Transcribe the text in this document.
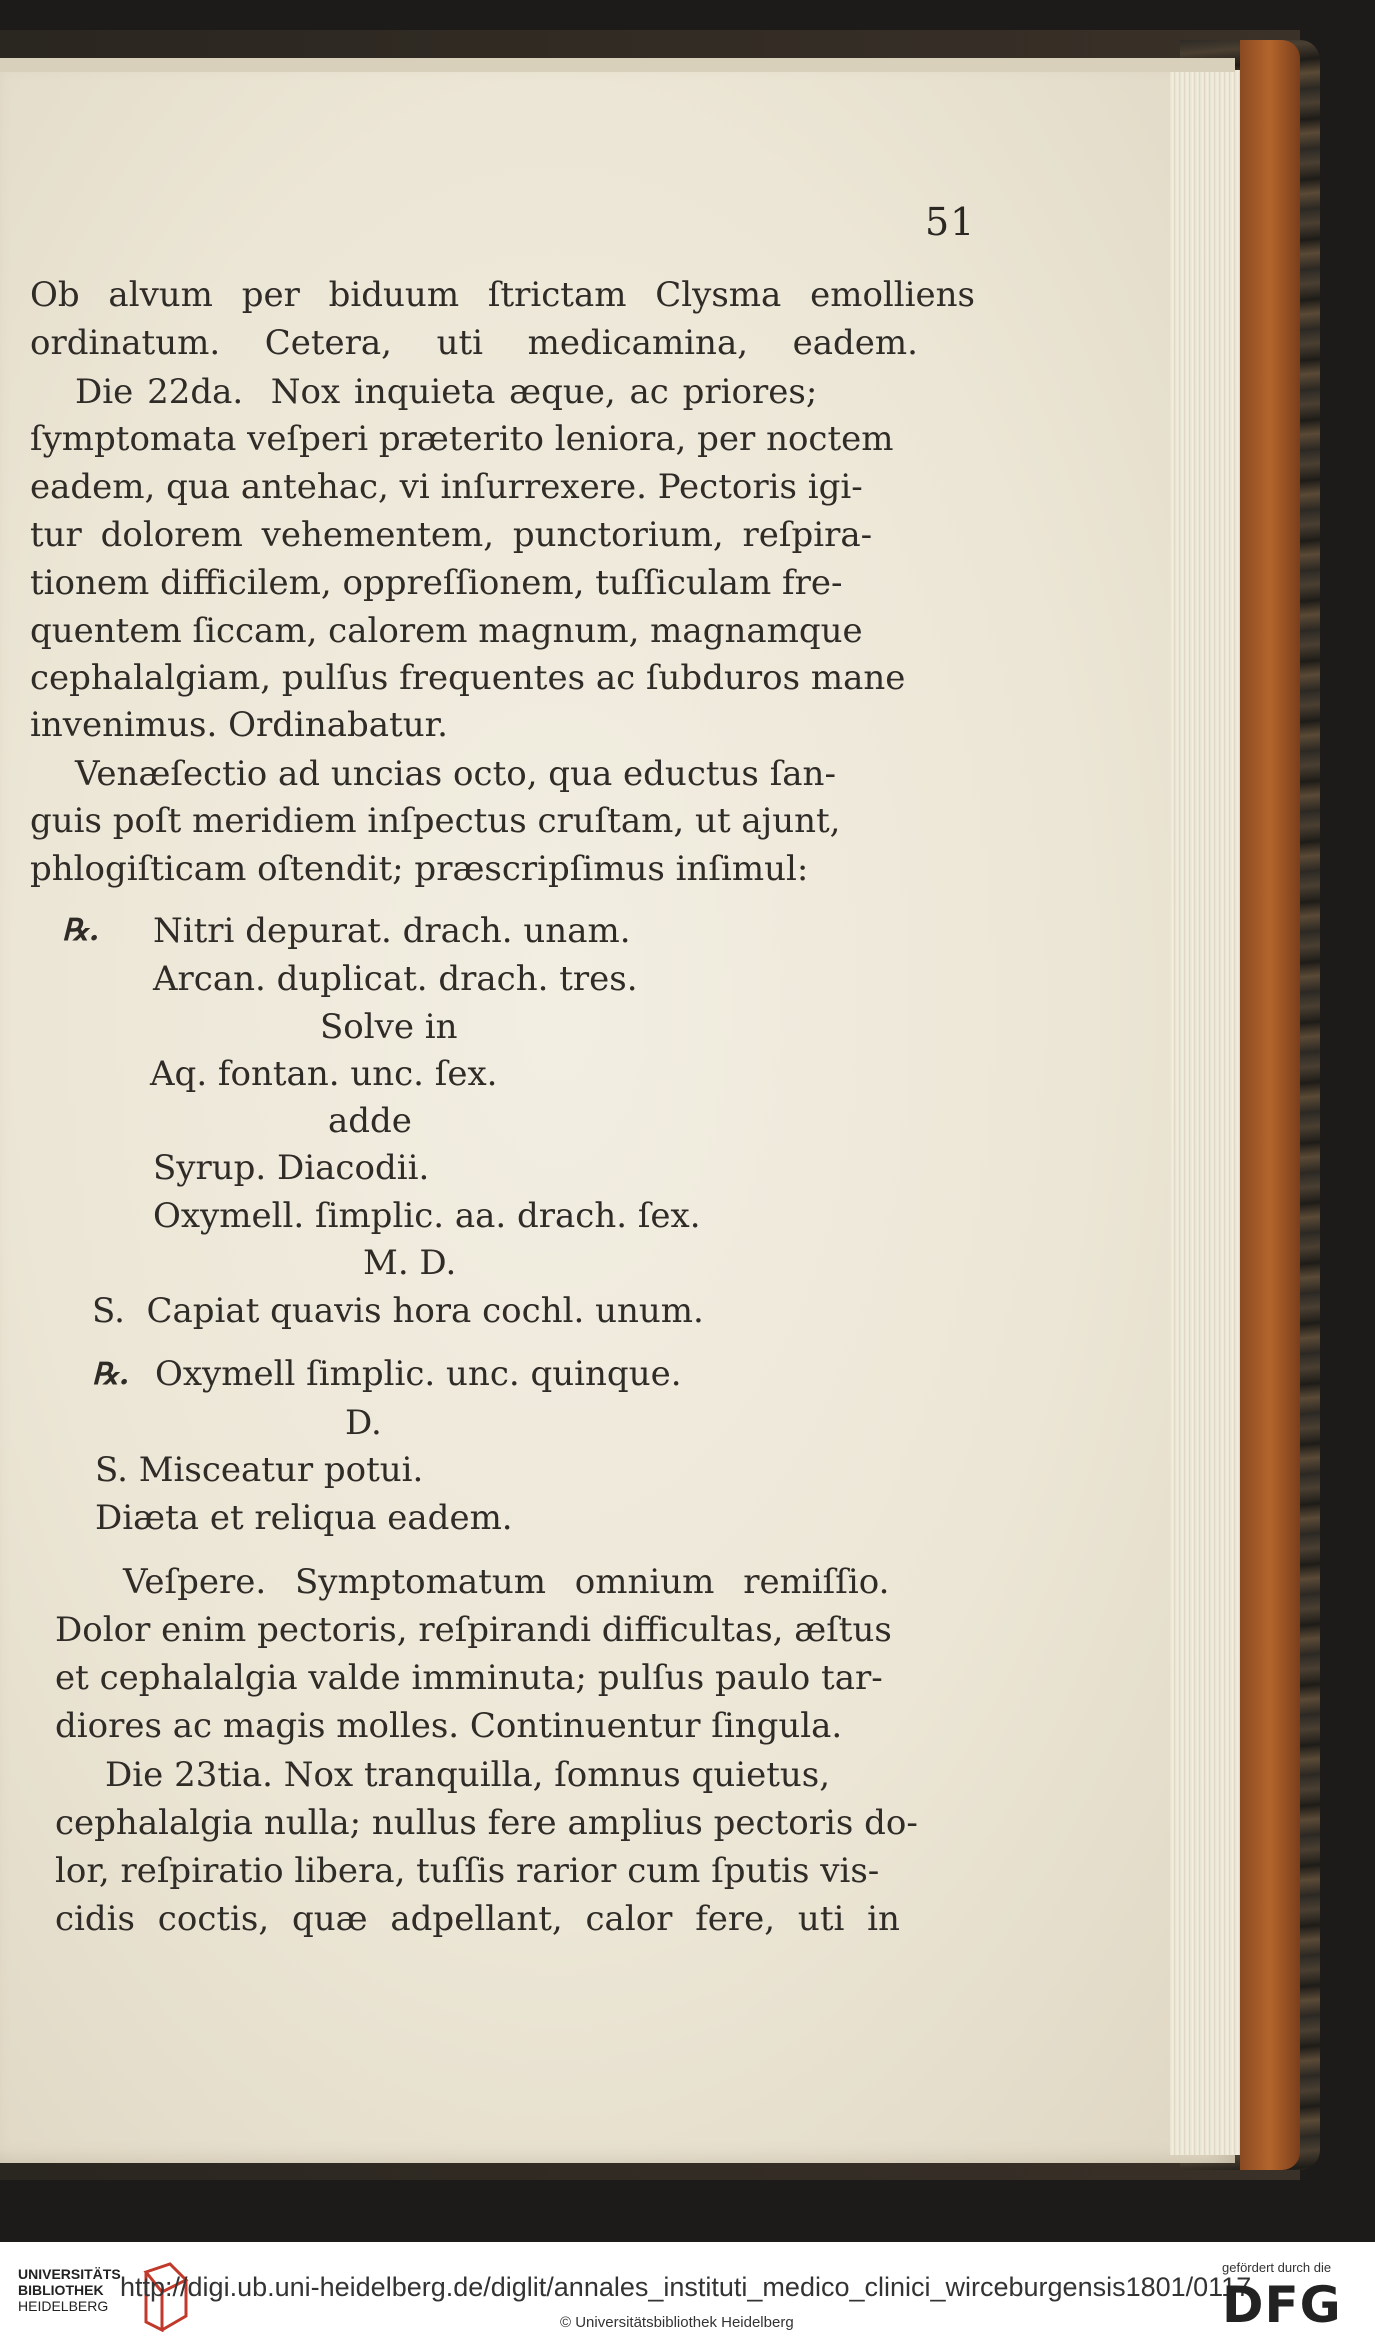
51
Ob alvum per biduum ſtrictam Clysma emolliens
ordinatum. Cetera, uti medicamina, eadem.
Die 22da.  Nox inquieta æque, ac priores;
ſymptomata veſperi præterito leniora, per noctem
eadem, qua antehac, vi inſurrexere. Pectoris igi-
tur dolorem vehementem, punctorium, reſpira-
tionem difficilem, oppreſſionem, tuſſiculam fre-
quentem ſiccam, calorem magnum, magnamque
cephalalgiam, pulſus frequentes ac ſubduros mane
invenimus. Ordinabatur.
Venæſectio ad uncias octo, qua eductus ſan-
guis poſt meridiem inſpectus cruſtam, ut ajunt,
phlogiſticam oſtendit; præscripſimus inſimul:
℞. Nitri depurat. drach. unam.
Arcan. duplicat. drach. tres.
Solve in
Aq. fontan. unc. ſex.
adde
Syrup. Diacodii.
Oxymell. ſimplic. aa. drach. ſex.
M. D.
S.  Capiat quavis hora cochl. unum.
℞. Oxymell ſimplic. unc. quinque.
D.
S. Misceatur potui.
Diæta et reliqua eadem.
Veſpere. Symptomatum omnium remiſſio.
Dolor enim pectoris, reſpirandi difficultas, æſtus
et cephalalgia valde imminuta; pulſus paulo tar-
diores ac magis molles. Continuentur ſingula.
Die 23tia. Nox tranquilla, ſomnus quietus,
cephalalgia nulla; nullus fere amplius pectoris do-
lor, reſpiratio libera, tuſſis rarior cum ſputis vis-
cidis coctis, quæ adpellant, calor fere, uti in
UNIVERSITÄTS
BIBLIOTHEK
HEIDELBERG
http://digi.ub.uni-heidelberg.de/diglit/annales_instituti_medico_clinici_wirceburgensis1801/0117
© Universitätsbibliothek Heidelberg
gefördert durch die
DFG
